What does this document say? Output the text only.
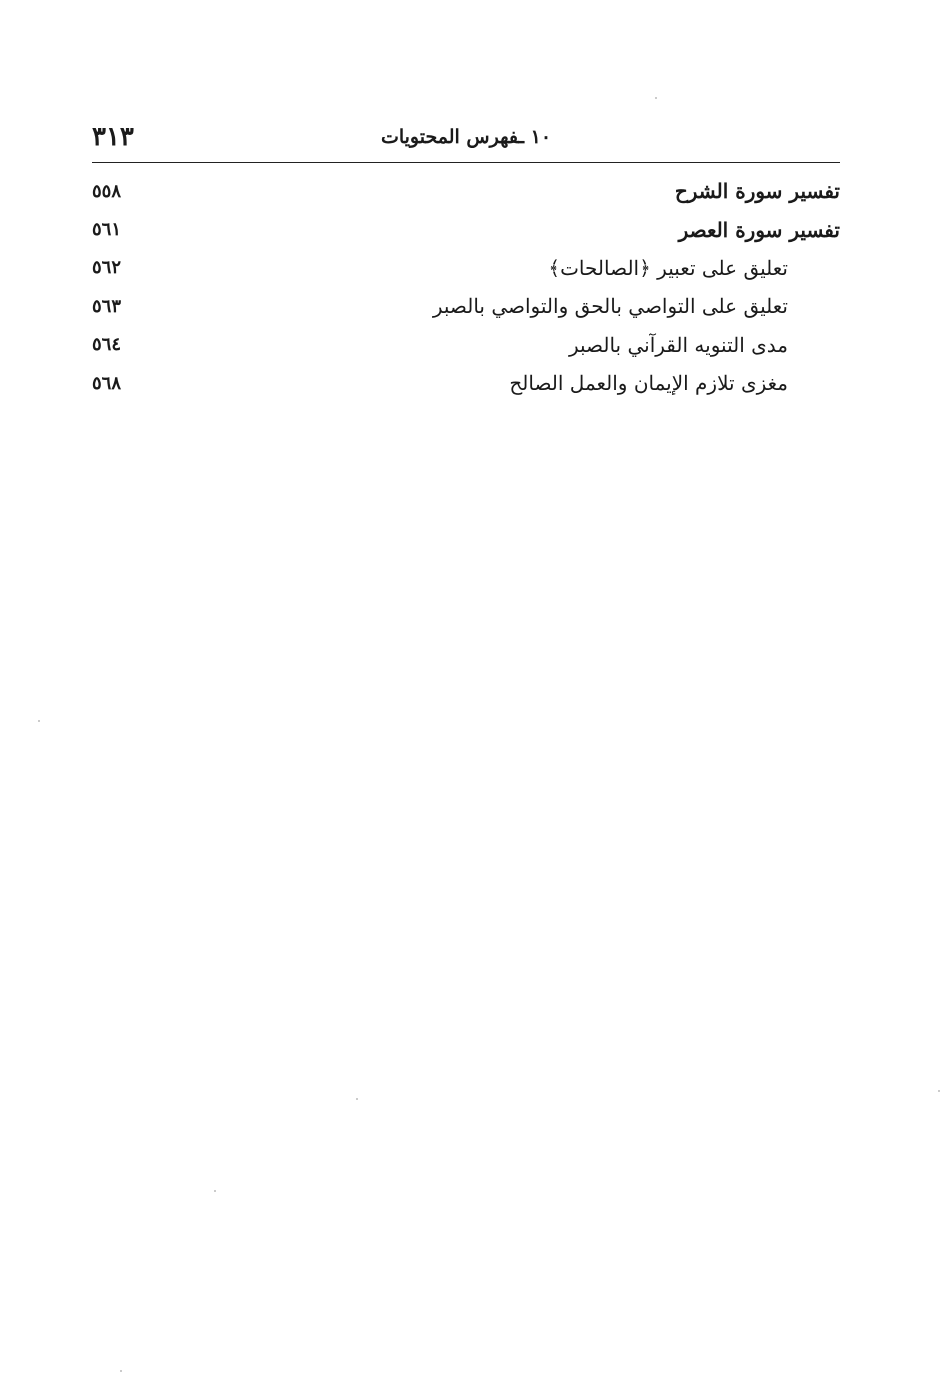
١٠ ـفهرس المحتويات
٣١٣
تفسير سورة الشرح
٥٥٨
تفسير سورة العصر
٥٦١
تعليق على تعبير ﴿الصالحات﴾
٥٦٢
تعليق على التواصي بالحق والتواصي بالصبر
٥٦٣
مدى التنويه القرآني بالصبر
٥٦٤
مغزى تلازم الإيمان والعمل الصالح
٥٦٨
